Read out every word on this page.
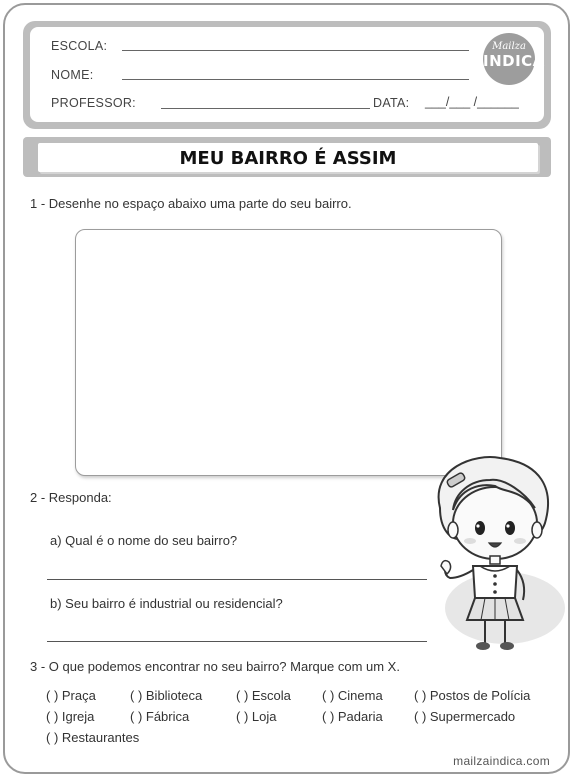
ESCOLA:
NOME:
PROFESSOR:	DATA: ___/___ /______
Mailza
INDICA
MEU BAIRRO É ASSIM
1 - Desenhe no espaço abaixo uma parte do seu bairro.
2 - Responda:
a) Qual é o nome do seu bairro?
b) Seu bairro é industrial ou residencial?
3 - O que podemos encontrar no seu bairro? Marque com um X.
( ) Praça	( ) Biblioteca	( ) Escola ( ) Cinema ( ) Postos de Polícia
( ) Igreja	( ) Fábrica	( ) Loja	( ) Padaria ( ) Supermercado
( ) Restaurantes
mailzaindica.com
